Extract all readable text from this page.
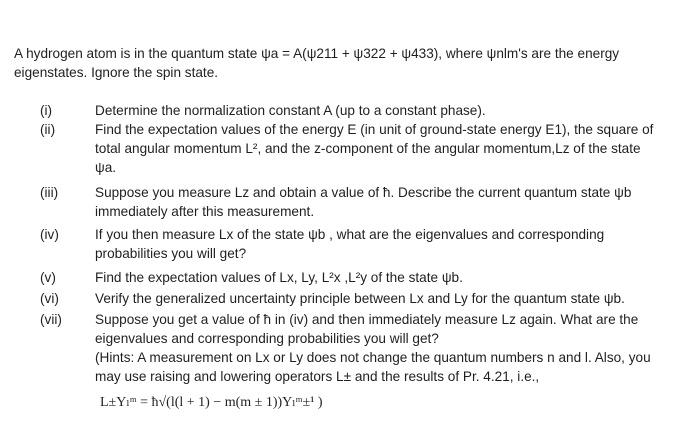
A hydrogen atom is in the quantum state ψa = A(ψ211 + ψ322 + ψ433), where ψnlm's are the energy
eigenstates. Ignore the spin state.
(i)	Determine the normalization constant A (up to a constant phase).
(ii)	Find the expectation values of the energy E (in unit of ground-state energy E1), the square of
total angular momentum L², and the z-component of the angular momentum,Lz of the state
ψa.
(iii)	Suppose you measure Lz and obtain a value of ħ. Describe the current quantum state ψb
immediately after this measurement.
(iv)	If you then measure Lx of the state ψb , what are the eigenvalues and corresponding
probabilities you will get?
(v)	Find the expectation values of Lx, Ly, L²x ,L²y of the state ψb.
(vi)	Verify the generalized uncertainty principle between Lx and Ly for the quantum state ψb.
(vii)	Suppose you get a value of ħ in (iv) and then immediately measure Lz again. What are the
eigenvalues and corresponding probabilities you will get?
(Hints: A measurement on Lx or Ly does not change the quantum numbers n and l. Also, you
may use raising and lowering operators L± and the results of Pr. 4.21, i.e.,
L±Yₗᵐ = ħ√(l(l + 1) − m(m ± 1))Yₗᵐ±¹ )
